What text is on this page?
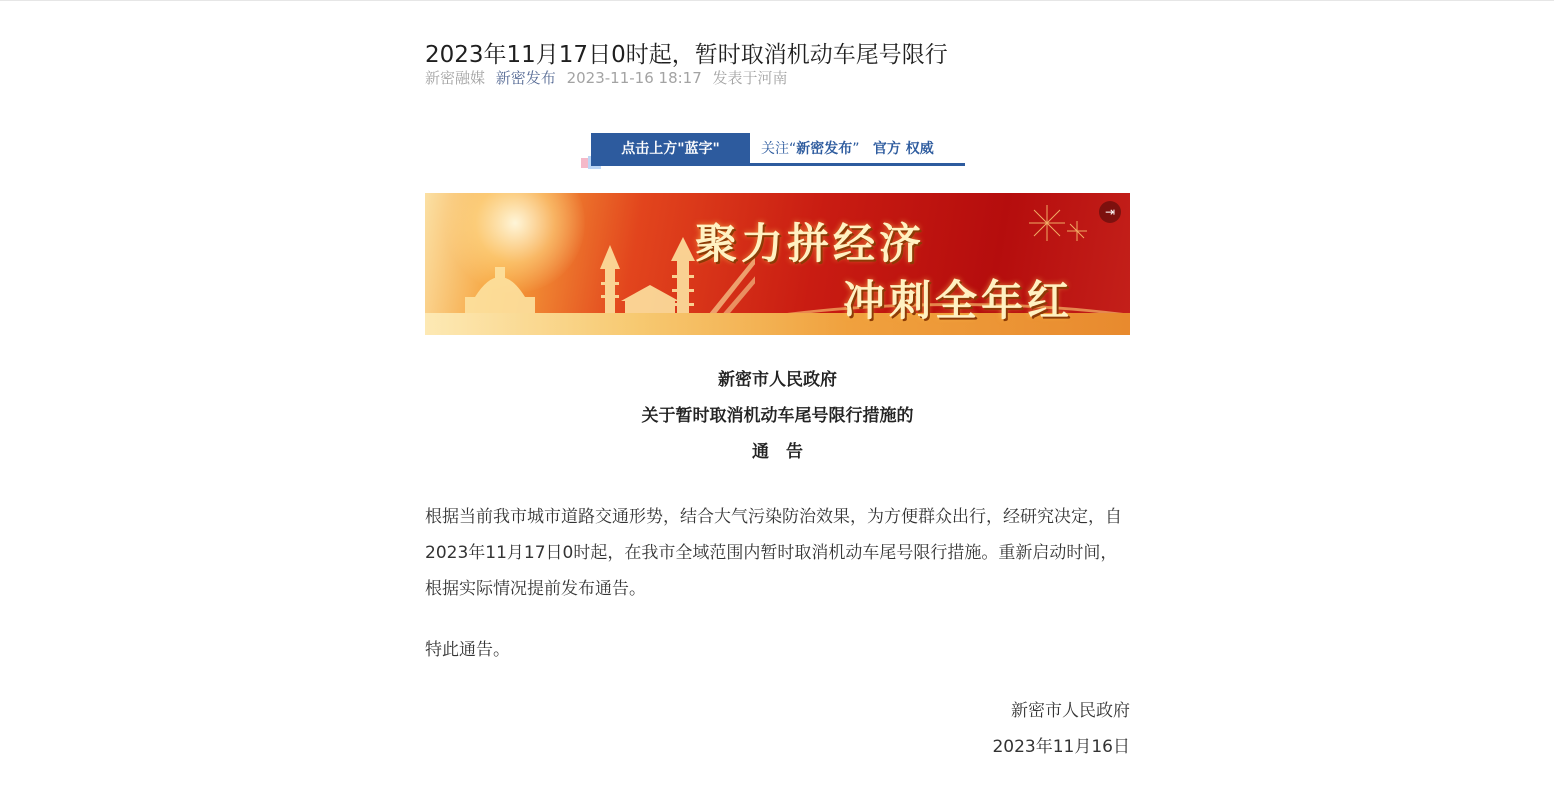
2023年11月17日0时起，暂时取消机动车尾号限行
新密融媒 新密发布 2023-11-16 18:17 发表于河南
点击上方"蓝字"	关注“新密发布” 官方 权威
聚力拼经济
冲刺全年红
⇥
新密市人民政府
关于暂时取消机动车尾号限行措施的
通　告

根据当前我市城市道路交通形势，结合大气污染防治效果，为方便群众出行，经研究决定，自2023年11月17日0时起，在我市全域范围内暂时取消机动车尾号限行措施。重新启动时间，根据实际情况提前发布通告。

特此通告。

新密市人民政府
2023年11月16日
